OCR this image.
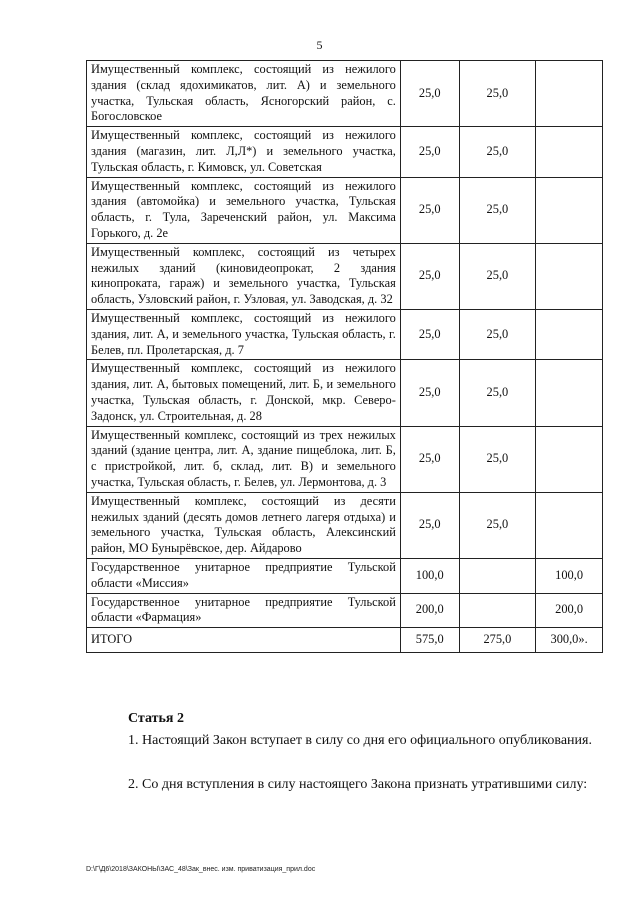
5
Имущественный комплекс, состоящий из нежилого здания (склад ядохимикатов, лит. А) и земельного участка, Тульская область, Ясногорский район, с. Богословское	25,0	25,0	
Имущественный комплекс, состоящий из нежилого здания (магазин, лит. Л,Л*) и земельного участка, Тульская область, г. Кимовск, ул. Советская	25,0	25,0	
Имущественный комплекс, состоящий из нежилого здания (автомойка) и земельного участка, Тульская область, г. Тула, Зареченский район, ул. Максима Горького, д. 2е	25,0	25,0	
Имущественный комплекс, состоящий из четырех нежилых зданий (киновидеопрокат, 2 здания кинопроката, гараж) и земельного участка, Тульская область, Узловский район, г. Узловая, ул. Заводская, д. 32	25,0	25,0	
Имущественный комплекс, состоящий из нежилого здания, лит. А, и земельного участка, Тульская область, г. Белев, пл. Пролетарская, д. 7	25,0	25,0	
Имущественный комплекс, состоящий из нежилого здания, лит. А, бытовых помещений, лит. Б, и земельного участка, Тульская область, г. Донской, мкр. Северо-Задонск, ул. Строительная, д. 28	25,0	25,0	
Имущественный комплекс, состоящий из трех нежилых зданий (здание центра, лит. А, здание пищеблока, лит. Б, с пристройкой, лит. б, склад, лит. В) и земельного участка, Тульская область, г. Белев, ул. Лермонтова, д. 3	25,0	25,0	
Имущественный комплекс, состоящий из десяти нежилых зданий (десять домов летнего лагеря отдыха) и земельного участка, Тульская область, Алексинский район, МО Бунырёвское, дер. Айдарово	25,0	25,0	
Государственное унитарное предприятие Тульской области «Миссия»	100,0		100,0
Государственное унитарное предприятие Тульской области «Фармация»	200,0		200,0
ИТОГО	575,0	275,0	300,0».
Статья 2
1. Настоящий Закон вступает в силу со дня его официального опубликования.
2. Со дня вступления в силу настоящего Закона признать утратившими силу:
D:\Г\Д6\2018\ЗАКОНЫ\ЗАС_48\Зак_внес. изм. приватизация_прил.doc
